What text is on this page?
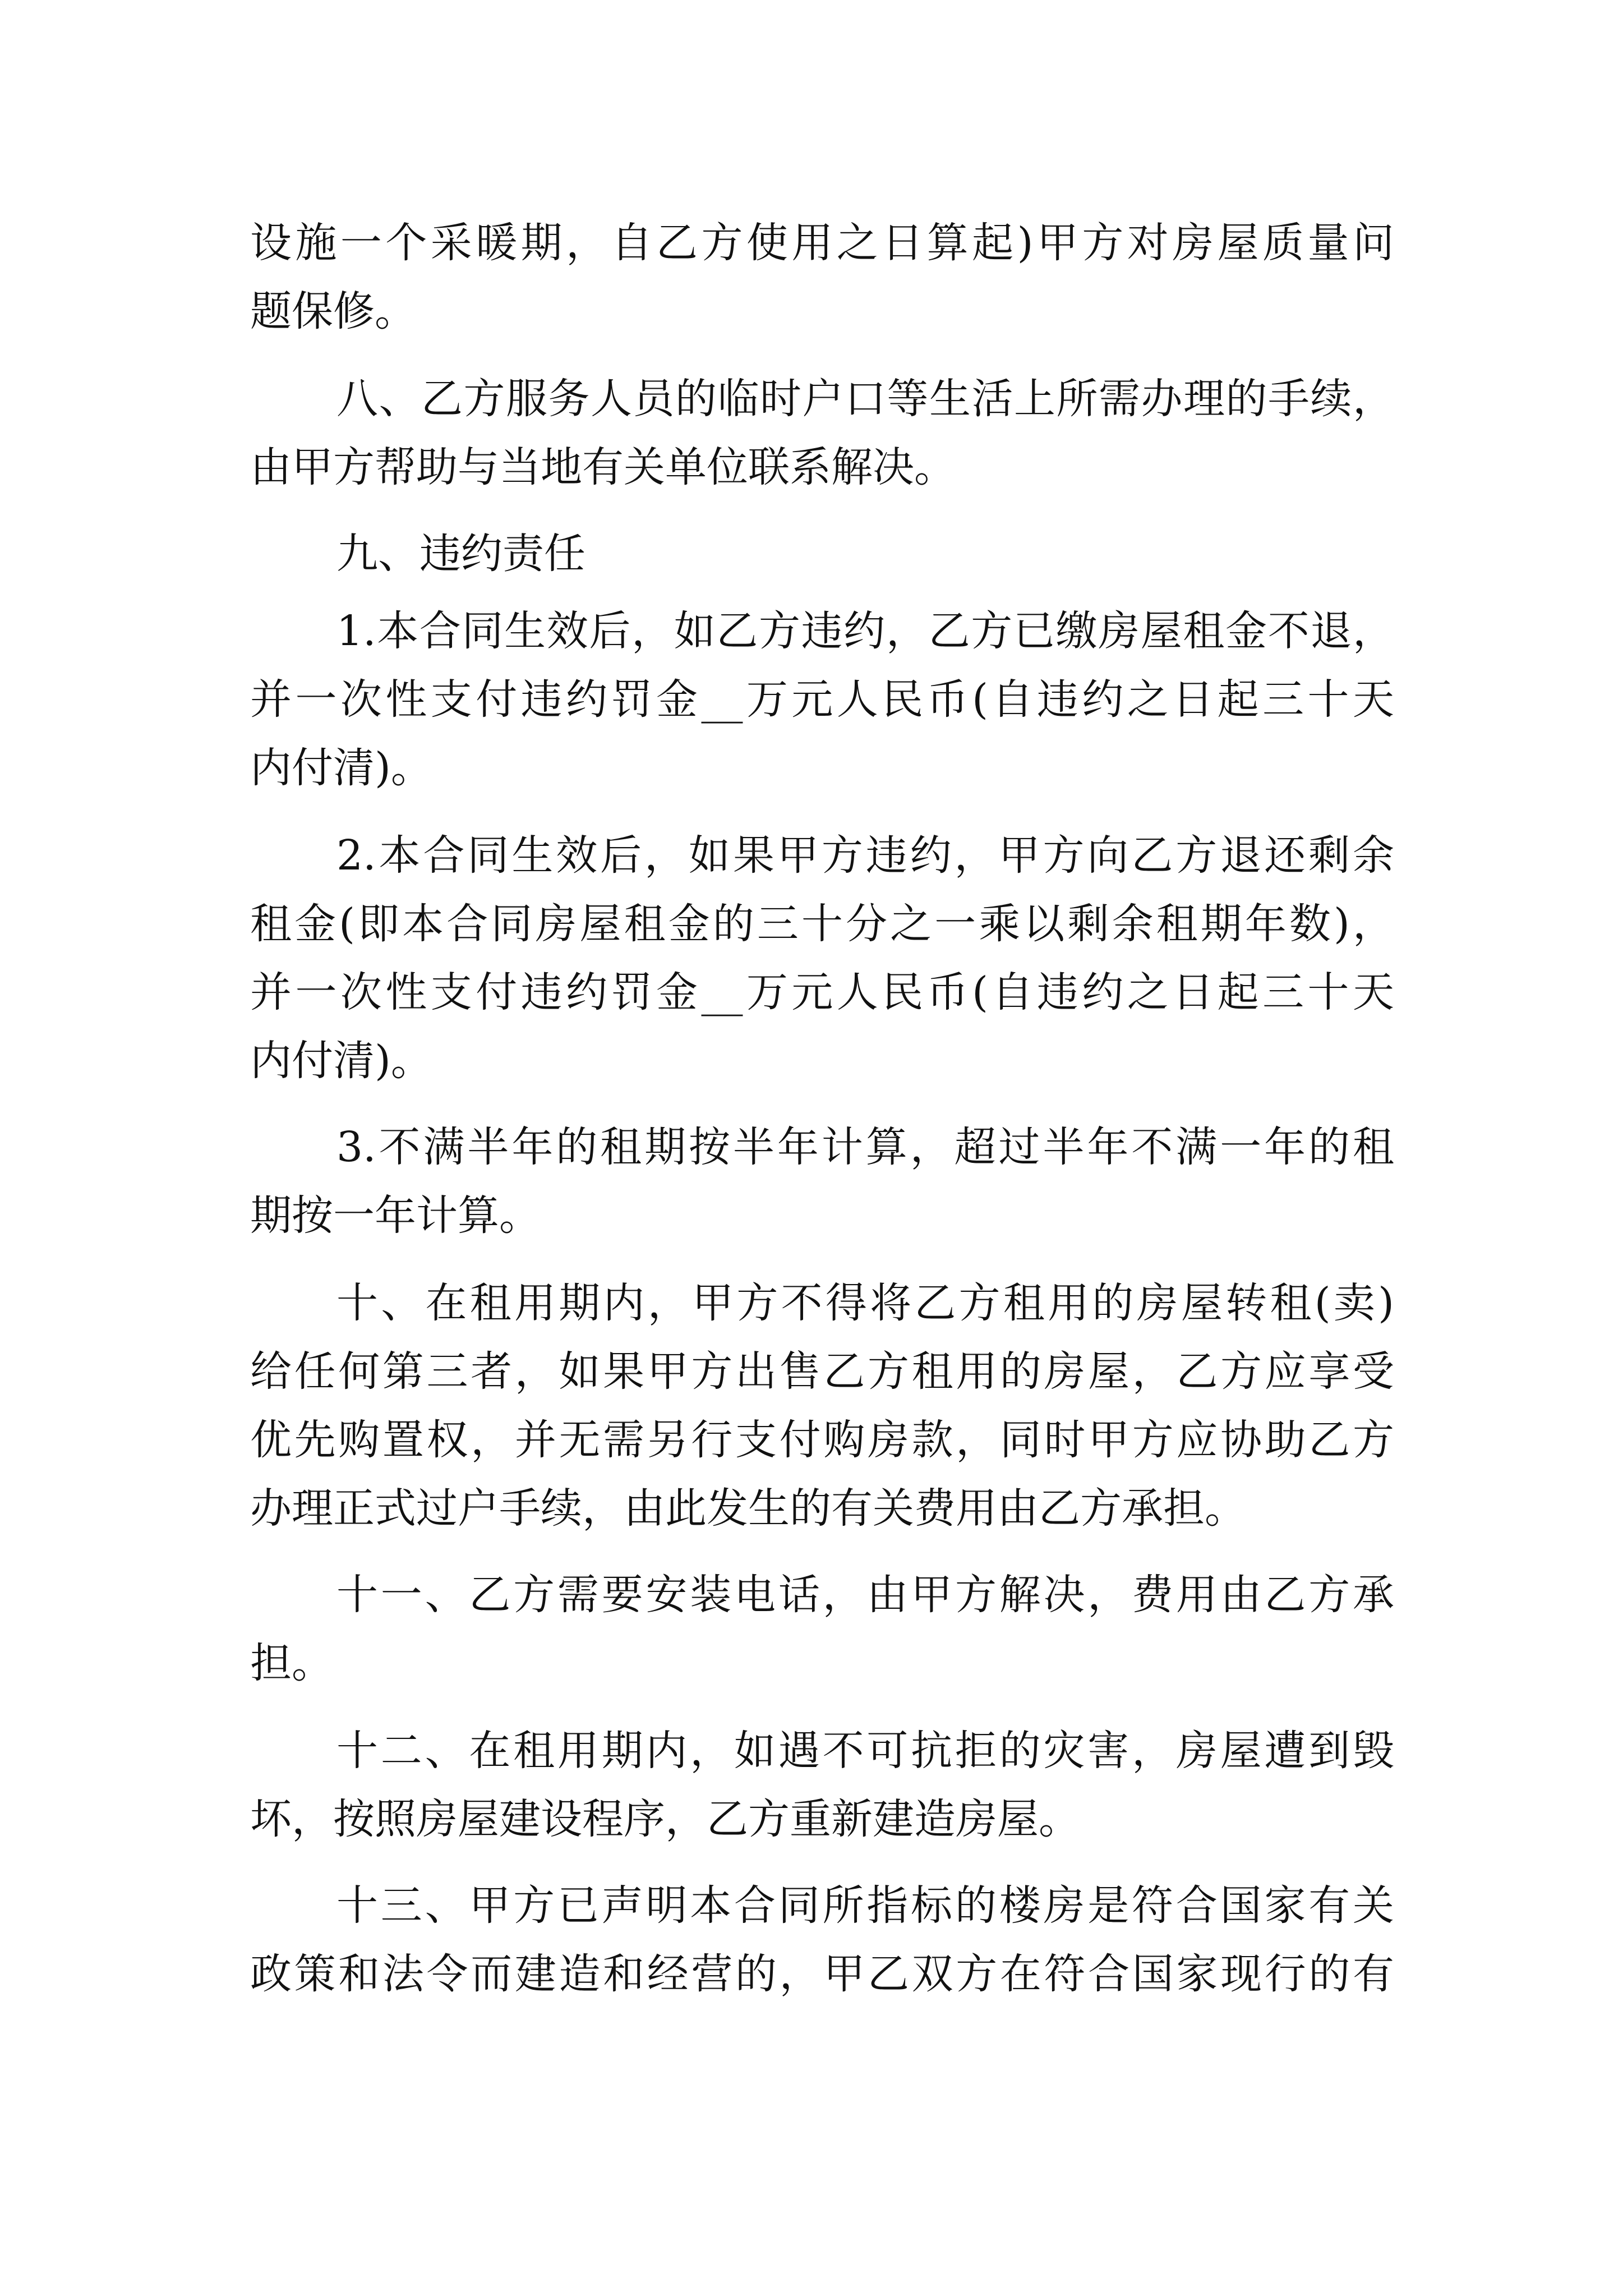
设施一个采暖期，自乙方使用之日算起)甲方对房屋质量问
题保修。
八、乙方服务人员的临时户口等生活上所需办理的手续，
由甲方帮助与当地有关单位联系解决。
九、违约责任
1.本合同生效后，如乙方违约，乙方已缴房屋租金不退，
并一次性支付违约罚金__万元人民币(自违约之日起三十天
内付清)。
2.本合同生效后，如果甲方违约，甲方向乙方退还剩余
租金(即本合同房屋租金的三十分之一乘以剩余租期年数)，
并一次性支付违约罚金__万元人民币(自违约之日起三十天
内付清)。
3.不满半年的租期按半年计算，超过半年不满一年的租
期按一年计算。
十、在租用期内，甲方不得将乙方租用的房屋转租(卖)
给任何第三者，如果甲方出售乙方租用的房屋，乙方应享受
优先购置权，并无需另行支付购房款，同时甲方应协助乙方
办理正式过户手续，由此发生的有关费用由乙方承担。
十一、乙方需要安装电话，由甲方解决，费用由乙方承
担。
十二、在租用期内，如遇不可抗拒的灾害，房屋遭到毁
坏，按照房屋建设程序，乙方重新建造房屋。
十三、甲方已声明本合同所指标的楼房是符合国家有关
政策和法令而建造和经营的，甲乙双方在符合国家现行的有
